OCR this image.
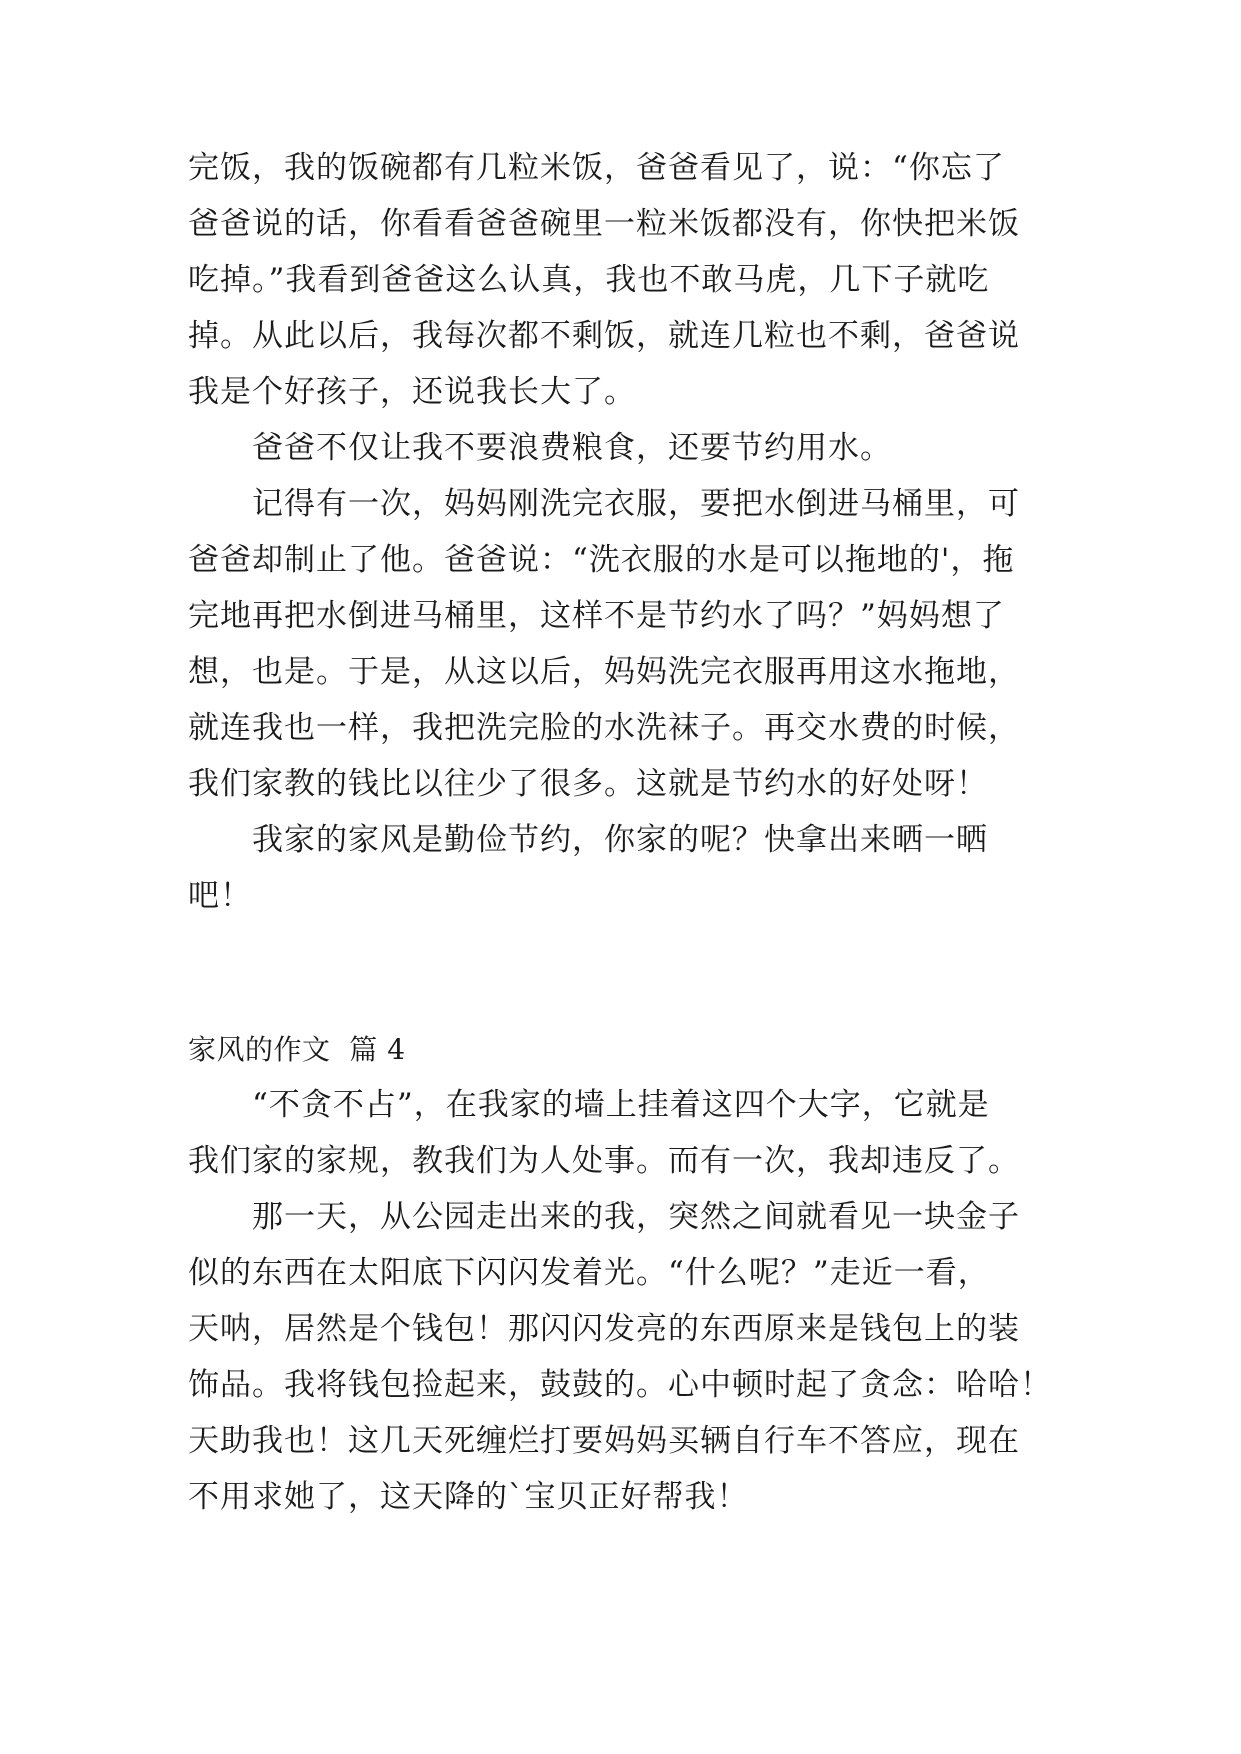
完饭，我的饭碗都有几粒米饭，爸爸看见了，说：“你忘了

爸爸说的话，你看看爸爸碗里一粒米饭都没有，你快把米饭

吃掉。”我看到爸爸这么认真，我也不敢马虎，几下子就吃

掉。从此以后，我每次都不剩饭，就连几粒也不剩，爸爸说

我是个好孩子，还说我长大了。

爸爸不仅让我不要浪费粮食，还要节约用水。

记得有一次，妈妈刚洗完衣服，要把水倒进马桶里，可

爸爸却制止了他。爸爸说：“洗衣服的水是可以拖地的'，拖

完地再把水倒进马桶里，这样不是节约水了吗？”妈妈想了

想，也是。于是，从这以后，妈妈洗完衣服再用这水拖地，

就连我也一样，我把洗完脸的水洗袜子。再交水费的时候，

我们家教的钱比以往少了很多。这就是节约水的好处呀！

我家的家风是勤俭节约，你家的呢？快拿出来晒一晒

吧！

家风的作文  篇 4

“不贪不占”，在我家的墙上挂着这四个大字，它就是

我们家的家规，教我们为人处事。而有一次，我却违反了。

那一天，从公园走出来的我，突然之间就看见一块金子

似的东西在太阳底下闪闪发着光。“什么呢？”走近一看，

天呐，居然是个钱包！那闪闪发亮的东西原来是钱包上的装

饰品。我将钱包捡起来，鼓鼓的。心中顿时起了贪念：哈哈！

天助我也！这几天死缠烂打要妈妈买辆自行车不答应，现在

不用求她了，这天降的`宝贝正好帮我！
